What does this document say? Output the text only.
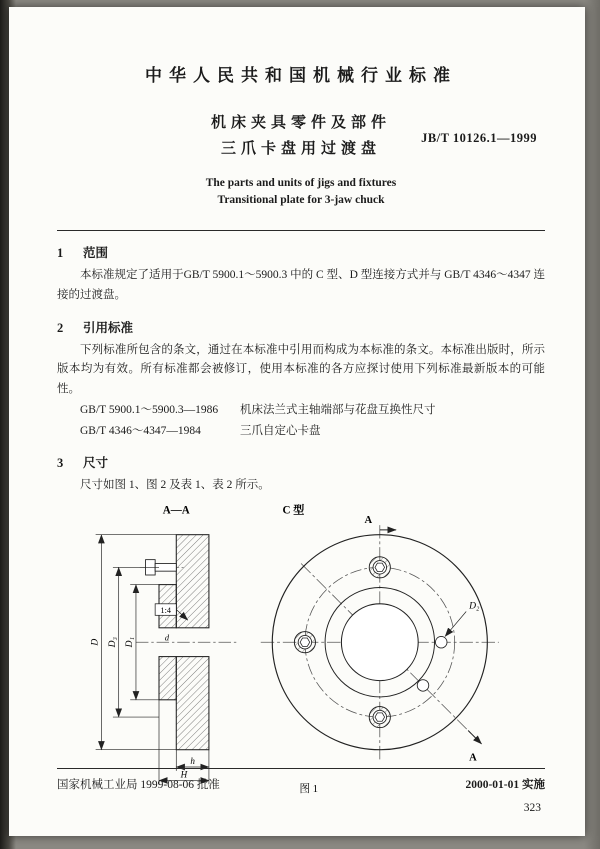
中华人民共和国机械行业标准
机床夹具零件及部件
三爪卡盘用过渡盘
JB/T 10126.1—1999
The parts and units of jigs and fixtures
Transitional plate for 3-jaw chuck
1 范围

本标准规定了适用于GB/T 5900.1～5900.3 中的 C 型、D 型连接方式并与 GB/T 4346～4347 连接的过渡盘。

2 引用标准

下列标准所包含的条文，通过在本标准中引用而构成为本标准的条文。本标准出版时，所示版本均为有效。所有标准都会被修订，使用本标准的各方应探讨使用下列标准最新版本的可能性。

GB/T 5900.1～5900.3—1986 机床法兰式主轴端部与花盘互换性尺寸
GB/T 4346～4347—1984	三爪自定心卡盘
3 尺寸

尺寸如图 1、图 2 及表 1、表 2 所示。

A—A
1:4
d
D D₃ D₁
h
H
C 型
D₂
A
A
图 1
国家机械工业局 1999-08-06 批准	2000-01-01 实施
323
